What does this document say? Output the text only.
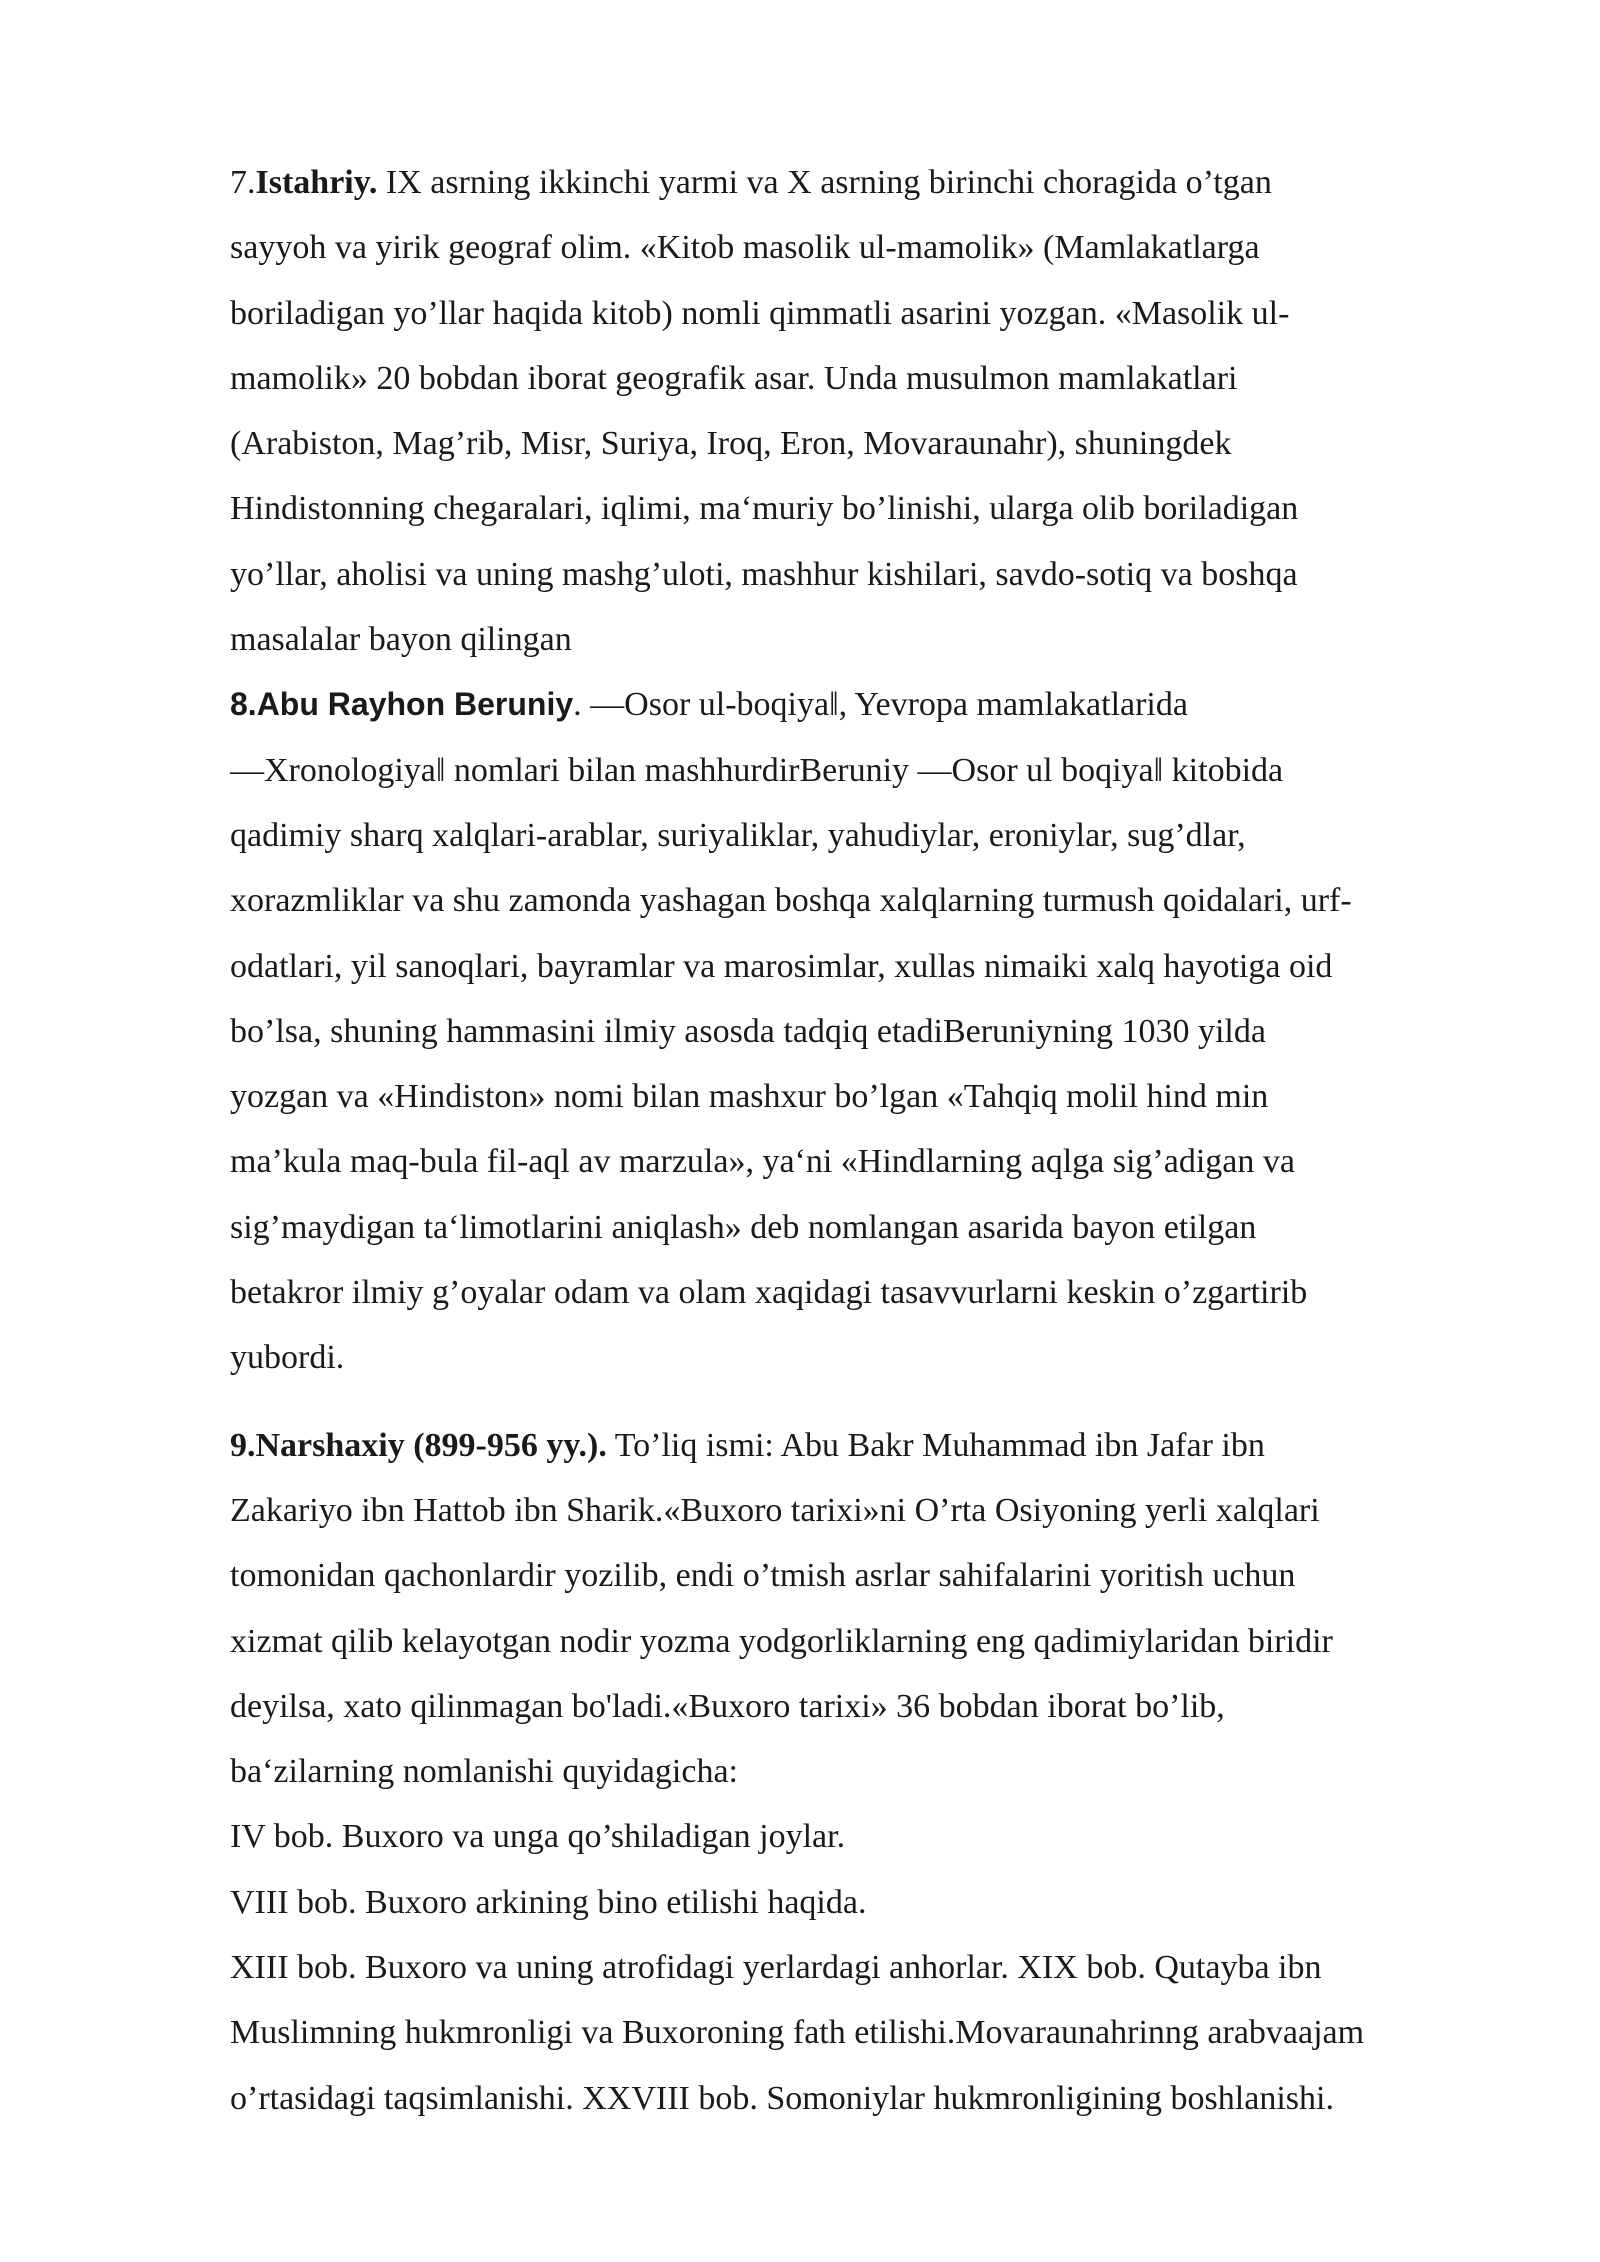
7.Istahriy. IX asrning ikkinchi yarmi va X asrning birinchi choragida o’tgan
sayyoh va yirik geograf olim. «Kitob masolik ul-mamolik» (Mamlakatlarga
boriladigan yo’llar haqida kitob) nomli qimmatli asarini yozgan. «Masolik ul-
mamolik» 20 bobdan iborat geografik asar. Unda musulmon mamlakatlari
(Arabiston, Mag’rib, Misr, Suriya, Iroq, Eron, Movaraunahr), shuningdek
Hindistonning chegaralari, iqlimi, ma‘muriy bo’linishi, ularga olib boriladigan
yo’llar, aholisi va uning mashg’uloti, mashhur kishilari, savdo-sotiq va boshqa
masalalar bayon qilingan
8.Abu Rayhon Beruniy. ―Osor ul-boqiya‖, Yevropa mamlakatlarida
―Xronologiya‖ nomlari bilan mashhurdirBeruniy ―Osor ul boqiya‖ kitobida
qadimiy sharq xalqlari-arablar, suriyaliklar, yahudiylar, eroniylar, sug’dlar,
xorazmliklar va shu zamonda yashagan boshqa xalqlarning turmush qoidalari, urf-
odatlari, yil sanoqlari, bayramlar va marosimlar, xullas nimaiki xalq hayotiga oid
bo’lsa, shuning hammasini ilmiy asosda tadqiq etadiBeruniyning 1030 yilda
yozgan va «Hindiston» nomi bilan mashxur bo’lgan «Tahqiq molil hind min
ma’kula maq-bula fil-aql av marzula», ya‘ni «Hindlarning aqlga sig’adigan va
sig’maydigan ta‘limotlarini aniqlash» deb nomlangan asarida bayon etilgan
betakror ilmiy g’oyalar odam va olam xaqidagi tasavvurlarni keskin o’zgartirib
yubordi.
9.Narshaxiy (899-956 yy.). To’liq ismi: Abu Bakr Muhammad ibn Jafar ibn
Zakariyo ibn Hattob ibn Sharik.«Buxoro tarixi»ni O’rta Osiyoning yerli xalqlari
tomonidan qachonlardir yozilib, endi o’tmish asrlar sahifalarini yoritish uchun
xizmat qilib kelayotgan nodir yozma yodgorliklarning eng qadimiylaridan biridir
deyilsa, xato qilinmagan bo'ladi.«Buxoro tarixi» 36 bobdan iborat bo’lib,
ba‘zilarning nomlanishi quyidagicha:
IV bob. Buxoro va unga qo’shiladigan joylar.
VIII bob. Buxoro arkining bino etilishi haqida.
XIII bob. Buxoro va uning atrofidagi yerlardagi anhorlar. XIX bob. Qutayba ibn
Muslimning hukmronligi va Buxoroning fath etilishi.Movaraunahrinng arabvaajam
o’rtasidagi taqsimlanishi. XXVIII bob. Somoniylar hukmronligining boshlanishi.
